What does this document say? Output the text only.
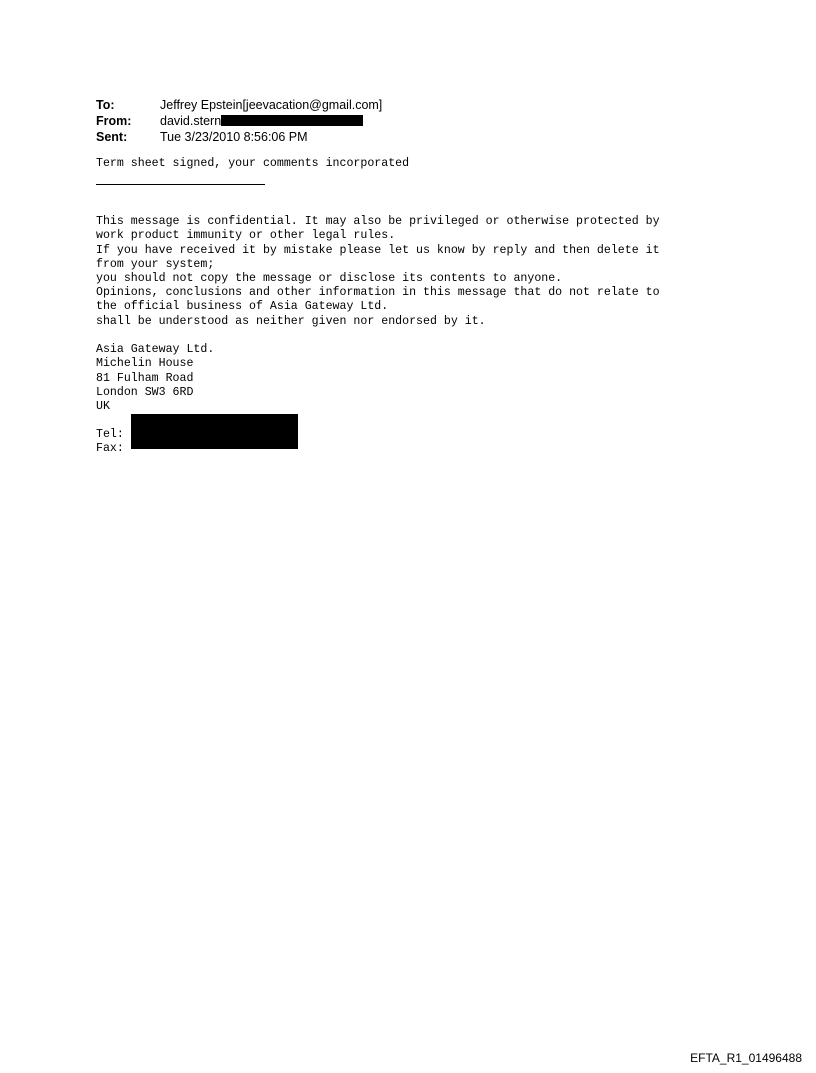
To:	Jeffrey Epstein[jeevacation@gmail.com]
From:	david.stern
Sent:	Tue 3/23/2010 8:56:06 PM
Term sheet signed, your comments incorporated

This message is confidential. It may also be privileged or otherwise protected by
work product immunity or other legal rules.
If you have received it by mistake please let us know by reply and then delete it
from your system;
you should not copy the message or disclose its contents to anyone.
Opinions, conclusions and other information in this message that do not relate to
the official business of Asia Gateway Ltd.
shall be understood as neither given nor endorsed by it.

Asia Gateway Ltd.
Michelin House
81 Fulham Road
London SW3 6RD
UK

Tel:
Fax:

EFTA_R1_01496488
